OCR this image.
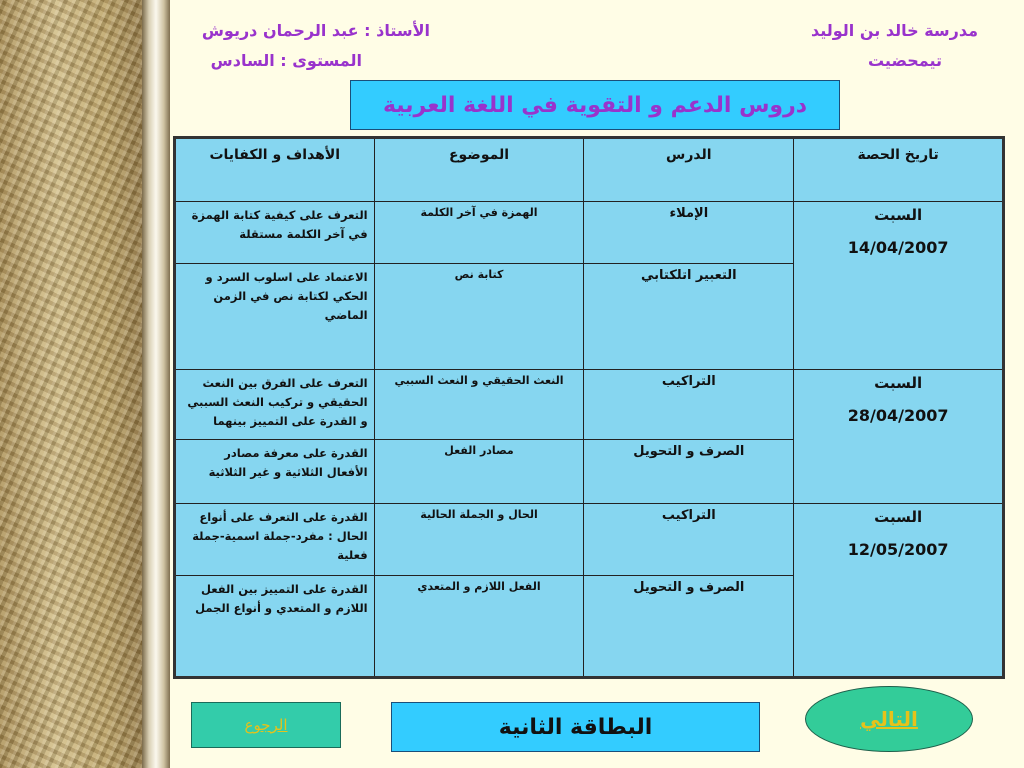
مدرسة خالد بن الوليد
تيمحضيت
الأستاذ : عبد الرحمان دريوش
المستوى : السادس
دروس الدعم و التقوية في اللغة العربية
تاريخ الحصة	الدرس	الموضوع	الأهداف و الكفايات

السبت
14/04/2007	الإملاء	الهمزة في آخر الكلمة	التعرف على كيفية كتابة الهمزة في آخر الكلمة مستقلة
	التعبير اتلكتابي	كتابة نص	الاعتماد على اسلوب السرد و الحكي لكتابة نص في الزمن الماضي

السبت
28/04/2007	التراكيب	النعث الحقيقي و النعث السببي	التعرف على الفرق بين النعث الحقيقي و تركيب النعث السببي و القدرة على التمييز بينهما
	الصرف و التحويل	مصادر الفعل	القدرة على معرفة مصادر الأفعال الثلاثية و غير الثلاثية

السبت
12/05/2007	التراكيب	الحال و الجملة الحالية	القدرة على التعرف على أنواع الحال : مفرد-جملة اسمية-جملة فعلية
	الصرف و التحويل	الفعل اللازم و المتعدي	القدرة على التمييز بين الفعل اللازم و المتعدي و أنواع الجمل
الرجوع	البطاقة الثانية	التالي
